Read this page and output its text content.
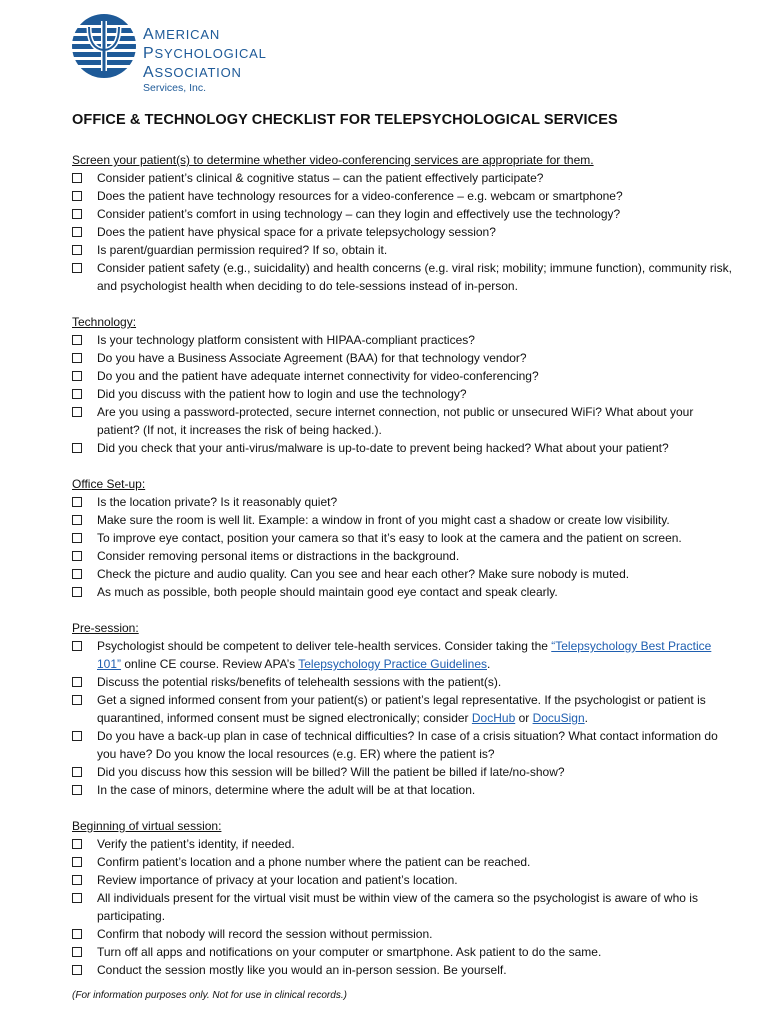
AMERICAN
PSYCHOLOGICAL
ASSOCIATION
Services, Inc.
OFFICE & TECHNOLOGY CHECKLIST FOR TELEPSYCHOLOGICAL SERVICES
Screen your patient(s) to determine whether video-conferencing services are appropriate for them.
Consider patient’s clinical & cognitive status – can the patient effectively participate?
Does the patient have technology resources for a video-conference – e.g. webcam or smartphone?
Consider patient’s comfort in using technology – can they login and effectively use the technology?
Does the patient have physical space for a private telepsychology session?
Is parent/guardian permission required? If so, obtain it.
Consider patient safety (e.g., suicidality) and health concerns (e.g. viral risk; mobility; immune function), community risk, and psychologist health when deciding to do tele-sessions instead of in-person.
Technology:
Is your technology platform consistent with HIPAA-compliant practices?
Do you have a Business Associate Agreement (BAA) for that technology vendor?
Do you and the patient have adequate internet connectivity for video-conferencing?
Did you discuss with the patient how to login and use the technology?
Are you using a password-protected, secure internet connection, not public or unsecured WiFi? What about your patient? (If not, it increases the risk of being hacked.).
Did you check that your anti-virus/malware is up-to-date to prevent being hacked? What about your patient?
Office Set-up:
Is the location private? Is it reasonably quiet?
Make sure the room is well lit. Example: a window in front of you might cast a shadow or create low visibility.
To improve eye contact, position your camera so that it’s easy to look at the camera and the patient on screen.
Consider removing personal items or distractions in the background.
Check the picture and audio quality. Can you see and hear each other? Make sure nobody is muted.
As much as possible, both people should maintain good eye contact and speak clearly.
Pre-session:
Psychologist should be competent to deliver tele-health services. Consider taking the “Telepsychology Best Practice 101” online CE course. Review APA’s Telepsychology Practice Guidelines.
Discuss the potential risks/benefits of telehealth sessions with the patient(s).
Get a signed informed consent from your patient(s) or patient’s legal representative. If the psychologist or patient is quarantined, informed consent must be signed electronically; consider DocHub or DocuSign.
Do you have a back-up plan in case of technical difficulties? In case of a crisis situation? What contact information do you have? Do you know the local resources (e.g. ER) where the patient is?
Did you discuss how this session will be billed? Will the patient be billed if late/no-show?
In the case of minors, determine where the adult will be at that location.
Beginning of virtual session:
Verify the patient’s identity, if needed.
Confirm patient’s location and a phone number where the patient can be reached.
Review importance of privacy at your location and patient’s location.
All individuals present for the virtual visit must be within view of the camera so the psychologist is aware of who is participating.
Confirm that nobody will record the session without permission.
Turn off all apps and notifications on your computer or smartphone. Ask patient to do the same.
Conduct the session mostly like you would an in-person session. Be yourself.
(For information purposes only. Not for use in clinical records.)
